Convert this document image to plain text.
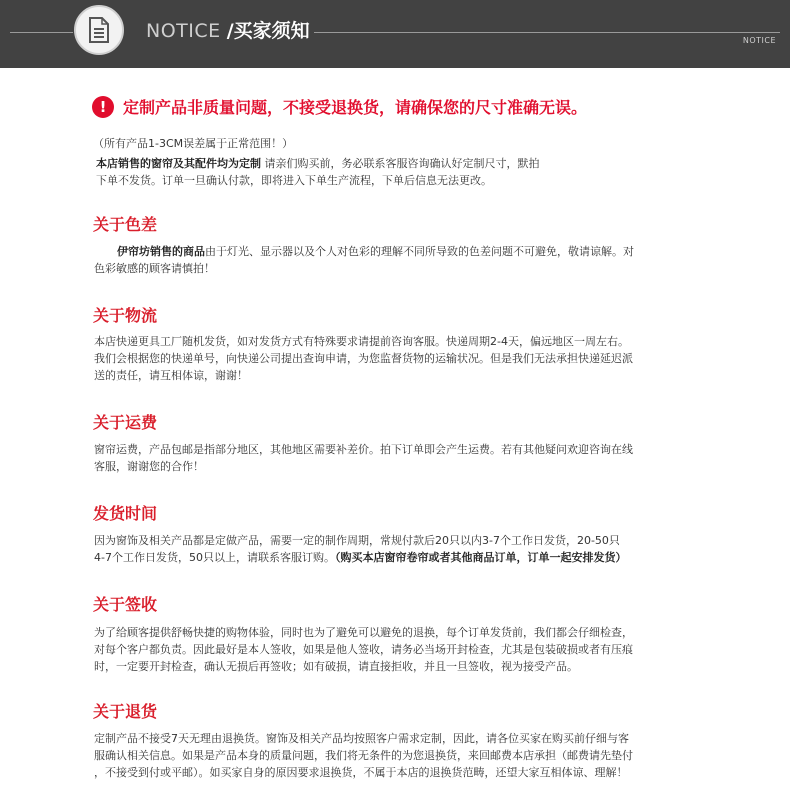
NOTICE /买家须知	NOTICE
!	定制产品非质量问题，不接受退换货，请确保您的尺寸准确无误。

（所有产品1-3CM误差属于正常范围！）

本店销售的窗帘及其配件均为定制 请亲们购买前，务必联系客服咨询确认好定制尺寸，默拍

下单不发货。订单一旦确认付款，即将进入下单生产流程，下单后信息无法更改。

关于色差

伊帘坊销售的商品由于灯光、显示器以及个人对色彩的理解不同所导致的色差问题不可避免，敬请谅解。对

色彩敏感的顾客请慎拍！

关于物流

本店快递更具工厂随机发货，如对发货方式有特殊要求请提前咨询客服。快递周期2-4天，偏远地区一周左右。

我们会根据您的快递单号，向快递公司提出查询申请，为您监督货物的运输状况。但是我们无法承担快递延迟派

送的责任，请互相体谅，谢谢！

关于运费

窗帘运费，产品包邮是指部分地区，其他地区需要补差价。拍下订单即会产生运费。若有其他疑问欢迎咨询在线

客服，谢谢您的合作！

发货时间

因为窗饰及相关产品都是定做产品，需要一定的制作周期，常规付款后20只以内3-7个工作日发货，20-50只

4-7个工作日发货，50只以上，请联系客服订购。（购买本店窗帘卷帘或者其他商品订单，订单一起安排发货）

关于签收

为了给顾客提供舒畅快捷的购物体验，同时也为了避免可以避免的退换，每个订单发货前，我们都会仔细检查，

对每个客户都负责。因此最好是本人签收，如果是他人签收，请务必当场开封检查，尤其是包装破损或者有压痕

时，一定要开封检查，确认无损后再签收；如有破损，请直接拒收，并且一旦签收，视为接受产品。

关于退货

定制产品不接受7天无理由退换货。窗饰及相关产品均按照客户需求定制，因此，请各位买家在购买前仔细与客

服确认相关信息。如果是产品本身的质量问题，我们将无条件的为您退换货，来回邮费本店承担（邮费请先垫付

，不接受到付或平邮）。如买家自身的原因要求退换货，不属于本店的退换货范畴，还望大家互相体谅、理解！
